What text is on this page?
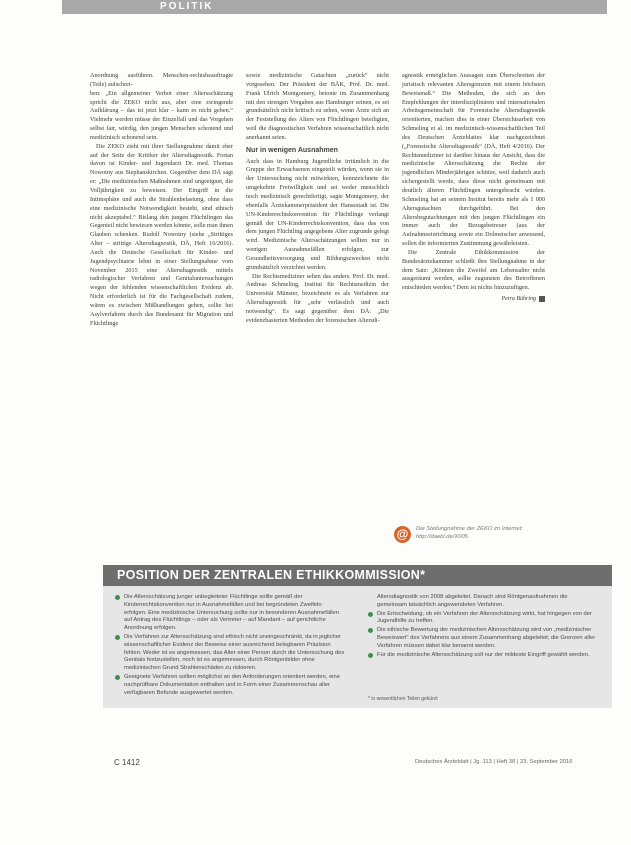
POLITIK

Anordnung ausführen. Menschen-rechtsbeauftragte (Teile) aufschrei-

ben: „Ein allgemeiner Verbot einer Altersschätzung spricht die ZEKO nicht aus, aber eine zwingende Aufklärung – das ist jetzt klar – kann es nicht geben.“ Vielmehr werden müsse der Einzelfall und das Vorgehen selbst fair, würdig, den jungen Menschen schonend und medizinisch schonend sein.

Die ZEKO zieht mit ihrer Stellungnahme damit eher auf der Seite der Kritiker der Altersdiagnostik. Fortan davon ist Kinder- und Jugendarzt Dr. med. Thomas Nowotny aus Stephanskirchen. Gegenüber dem DÄ sagt er: „Die medizinischen Maßnahmen sind ungeeignet, die Volljährigkeit zu beweisen. Der Eingriff in die Intimsphäre und auch die Strahlenbelastung, ohne dass eine medizinische Notwendigkeit besteht, sind ethisch nicht akzeptabel.“ Bislang den jungen Flüchtlingen das Gegenteil nicht bewiesen werden könnte, solle man ihnen Glauben schenken. Rudolf Nowotny (siehe „Strittiges Alter – strittige Altersdiagnostik, DÄ, Heft 16/2016). Auch die Deutsche Gesellschaft für Kinder- und Jugendpsychiatrie lehnt in einer Stellungnahme vom November 2015 eine Altersdiagnostik mittels radiologischer Verfahren und Genitaluntersuchungen wegen der fehlenden wissenschaftlichen Evidenz ab. Nicht erforderlich ist für die Fachgesellschaft zudem, wären es zwischen Mißhandlungen gehen, sollte bei Asylverfahren durch das Bundesamt für Migration und Flüchtlinge

sowie medizinische Gutachten „zurück“ nicht vorgesehen. Der Präsident der BÄK, Prof. Dr. med. Frank Ulrich Montgomery, betonte im Zusammenhang mit den strengen Vorgaben aus Hamburger seinen, es sei grundsätzlich nicht kritisch zu sehen, wenn Ärzte sich an der Feststellung des Alters von Flüchtlingen beteiligten, weil die diagnostischen Verfahren wissenschaftlich nicht anerkannt seien.

Nur in wenigen Ausnahmen

Auch dass in Hamburg Jugendliche irrtümlich in die Gruppe der Erwachsenen eingeteilt würden, wenn sie in der Untersuchung nicht mitwirkten, kennzeichnete die umgekehrte Freiwilligkeit und sei weder menschlich noch medizinisch gerechtfertigt, sagte Montgomery, der ebenfalls Ärztekammerpräsident der Hansestadt ist. Die UN-Kinderrechtskonvention für Flüchtlinge verlangt gemäß der UN-Kinderrechtskonvention, dass das von dem jungen Flüchtling angegebene Alter zugrunde gelegt wird. Medizinische Altersschätzungen sollten nur in wenigen Ausnahmefällen erfolgen, zur Gesundheitsversorgung und Bildungszwecken nicht grundsätzlich verzichtet werden.

Die Rechtsmediziner sehen das anders. Prof. Dr. med. Andreas Schmeling, Institut für Rechtsmedizin der Universität Münster, bezeichnete es als Verfahren zur Altersdiagnostik für „sehr verlässlich und auch notwendig“. Es sagt gegenüber dem DÄ: „Die evidenzbasierten Methoden der forensischen Altersdi-

agnostik ermöglichen Aussagen zum Überschreiten der juristisch relevanten Altersgrenzen mit einem höchsten Beweismaß.“ Die Methoden, die sich an den Empfehlungen der interdisziplinären und internationalen Arbeitsgemeinschaft für Forensische Altersdiagnostik orientierten, machen dies in einer Übersichtsarbeit von Schmeling et al. im medizinisch-wissenschaftlichen Teil des Deutschen Ärzteblattes klar nachgezeichnet („Forensische Altersdiagnostik“ (DÄ, Heft 4/2016). Der Rechtsmediziner ist darüber hinaus der Ansicht, dass die medizinische Altersschätzung die Rechte der jugendlichen Minderjährigen schütze, weil dadurch auch sichergestellt werde, dass diese nicht gemeinsam mit deutlich älteren Flüchtlingen untergebracht würden. Schmeling hat an seinem Institut bereits mehr als 1 000 Altersgutachten durchgeführt. Bei den Altersbegutachtungen mit den jungen Flüchtlingen ein immer auch der Bezugsbetreuer (aus der Aufnahmeeinrichtung sowie ein Dolmetscher anwesend, sollen die informierten Zustimmung gewährleisten.

Die Zentrale Ethikkommission der Bundesärztekammer schließt ihre Stellungnahme in der dem Satz: „Können die Zweifel am Lebensalter nicht ausgeräumt werden, sollte zugunsten des Betroffenen entschieden werden.“ Dem ist nichts hinzuzufügen.

Petra Bühring
@	Die Stellungnahme der ZEKO im Internet:
http://daebl.de/X005
POSITION DER ZENTRALEN ETHIKKOMMISSION*
Die Altersschätzung junger unbegleiteter Flüchtlinge sollte gemäß der Kinderrechtskonvention nur in Ausnahmefällen und bei begründeten Zweifeln erfolgen. Eine medizinische Untersuchung sollte nur in besonderen Ausnahmefällen auf Antrag des Flüchtlings – oder als Vertreter – auf Mandant – auf gerichtliche Anordnung erfolgen.
Die Verfahren zur Altersschätzung sind ethisch nicht uneingeschränkt, da in jeglicher wissenschaftlicher Evidenz der Beweise einer ausreichend belegbaren Präzision fehlen. Weder ist es angemessen, das Alter einer Person durch die Untersuchung des Genitals festzustellen, noch ist es angemessen, durch Röntgenbilder ohne medizinischen Grund Strahlenschäden zu riskieren.
Geeignete Verfahren sollten möglichst an den Anforderungen orientiert werden, eine nachprüfbare Dokumentation enthalten und in Form einer Zusammenschau aller verfügbaren Befunde ausgewertet werden.
Altersdiagnostik von 2008 abgeleitet. Danach sind Röntgenaufnahmen die gemeinsam tatsächlich angewendeten Verfahren.
Die Entscheidung, ob ein Verfahren der Altersschätzung wirkt, hat hingegen von der Jugendhilfe zu treffen.
Die ethische Bewertung der medizinischen Altersschätzung wird von „medizinischer Beweiswert“ des Verfahrens aus einem Zusammenhang abgeleitet; die Grenzen aller Verfahren müssen dabei klar benannt werden.
Für die medizinische Altersschätzung soll nur der mildeste Eingriff gewählt werden.
* in wesentlichen Teilen gekürzt
C 1412	Deutsches Ärzteblatt | Jg. 113 | Heft 38 | 23. September 2016
